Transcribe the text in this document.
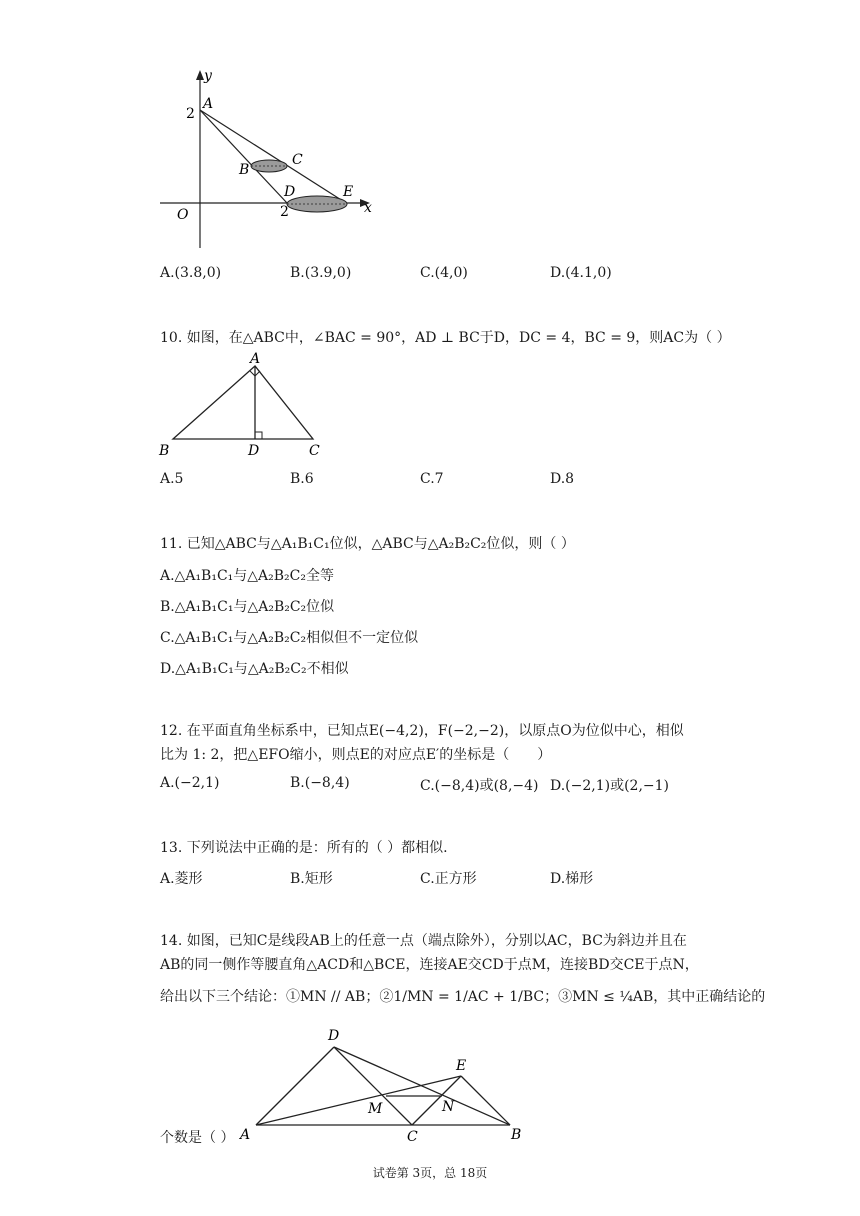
y
x
A
2
B
C
D	E
O	2
A.(3.8,0)	B.(3.9,0)	C.(4,0)	D.(4.1,0)
10. 如图，在△ABC中，∠BAC = 90°，AD ⊥ BC于D，DC = 4，BC = 9，则AC为（ ）
A
B	D	C
A.5	B.6	C.7	D.8
11. 已知△ABC与△A₁B₁C₁位似，△ABC与△A₂B₂C₂位似，则（ ）
A.△A₁B₁C₁与△A₂B₂C₂全等
B.△A₁B₁C₁与△A₂B₂C₂位似
C.△A₁B₁C₁与△A₂B₂C₂相似但不一定位似
D.△A₁B₁C₁与△A₂B₂C₂不相似
12. 在平面直角坐标系中，已知点E(−4,2)，F(−2,−2)，以原点O为位似中心，相似
比为 1: 2，把△EFO缩小，则点E的对应点E′的坐标是（　　）
A.(−2,1)	B.(−8,4)	C.(−8,4)或(8,−4) D.(−2,1)或(2,−1)
13. 下列说法中正确的是：所有的（ ）都相似.
A.菱形	B.矩形	C.正方形	D.梯形
14. 如图，已知C是线段AB上的任意一点（端点除外），分别以AC，BC为斜边并且在
AB的同一侧作等腰直角△ACD和△BCE，连接AE交CD于点M，连接BD交CE于点N，
给出以下三个结论：①MN // AB；②1/MN = 1/AC + 1/BC；③MN ≤ ¼AB，其中正确结论的
个数是（ ）
D
E
M	N
A	C	B
试卷第 3页，总 18页
